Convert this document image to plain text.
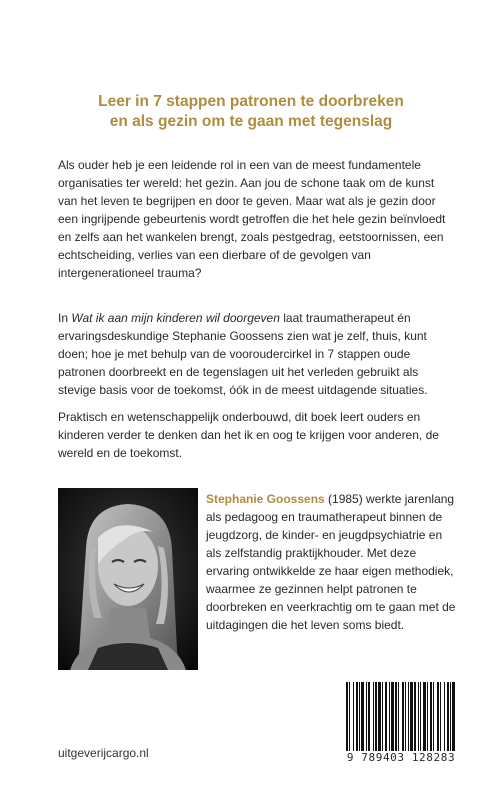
Leer in 7 stappen patronen te doorbreken
en als gezin om te gaan met tegenslag

Als ouder heb je een leidende rol in een van de meest fundamentele organisaties ter wereld: het gezin. Aan jou de schone taak om de kunst van het leven te begrijpen en door te geven. Maar wat als je gezin door een ingrijpende gebeurtenis wordt getroffen die het hele gezin beïnvloedt en zelfs aan het wankelen brengt, zoals pestgedrag, eetstoornissen, een echtscheiding, verlies van een dierbare of de gevolgen van intergenerationeel trauma?

In Wat ik aan mijn kinderen wil doorgeven laat traumatherapeut én ervaringsdeskundige Stephanie Goossens zien wat je zelf, thuis, kunt doen; hoe je met behulp van de vooroudercirkel in 7 stappen oude patronen doorbreekt en de tegenslagen uit het verleden gebruikt als stevige basis voor de toekomst, óók in de meest uitdagende situaties.

Praktisch en wetenschappelijk onderbouwd, dit boek leert ouders en kinderen verder te denken dan het ik en oog te krijgen voor anderen, de wereld en de toekomst.

Stephanie Goossens (1985) werkte jarenlang als pedagoog en traumatherapeut binnen de jeugdzorg, de kinder- en jeugdpsychiatrie en als zelfstandig praktijkhouder. Met deze ervaring ontwikkelde ze haar eigen methodiek, waarmee ze gezinnen helpt patronen te doorbreken en veerkrachtig om te gaan met de uitdagingen die het leven soms biedt.

9 789403 128283
uitgeverijcargo.nl
